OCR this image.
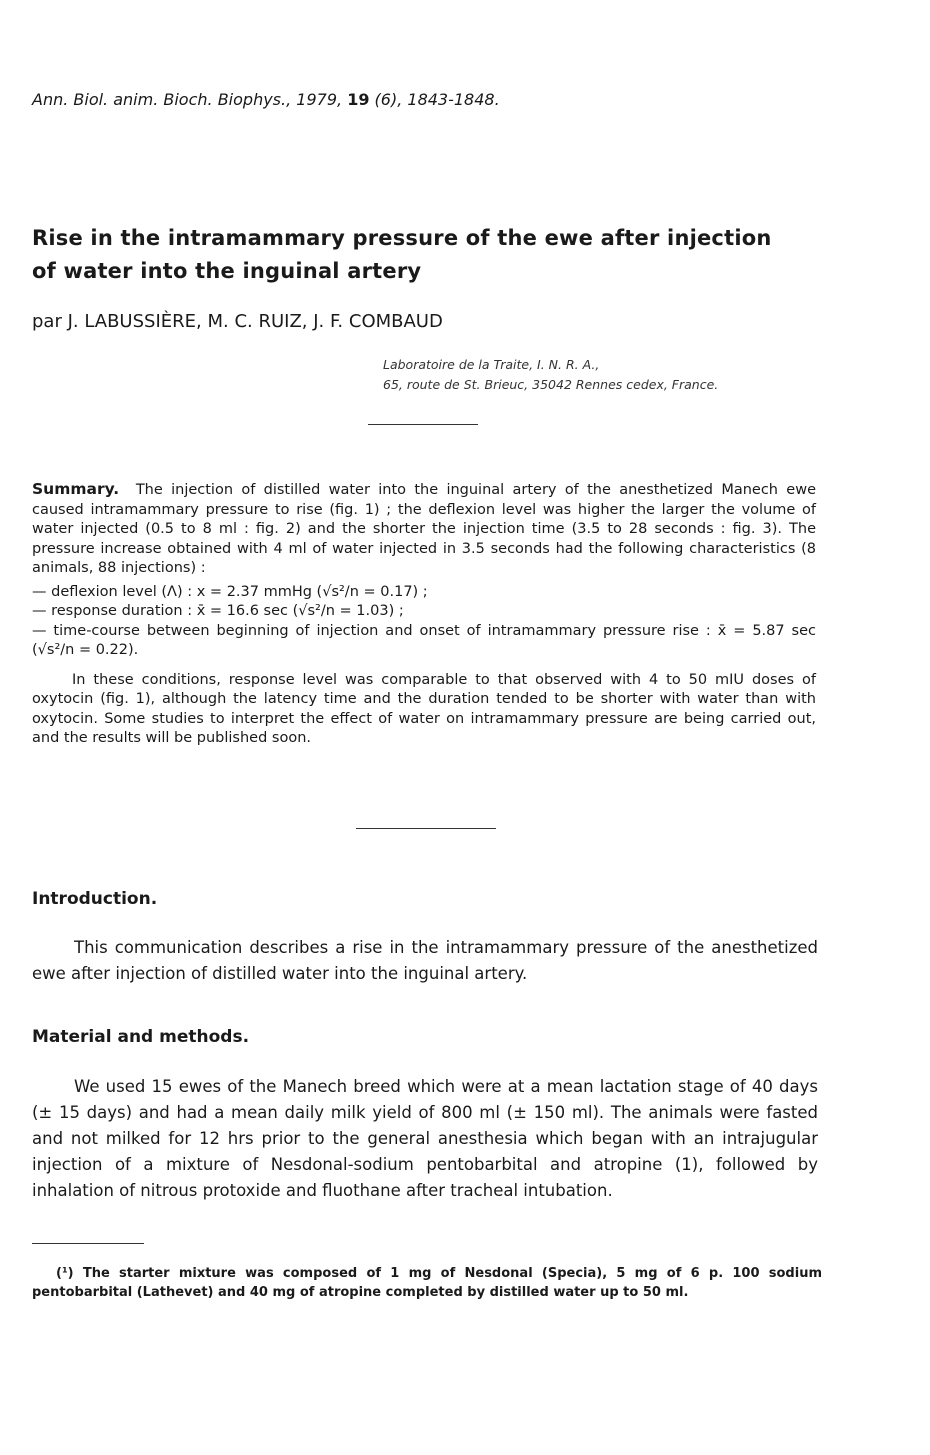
Ann. Biol. anim. Bioch. Biophys., 1979, 19 (6), 1843-1848.
Rise in the intramammary pressure of the ewe after injection
of water into the inguinal artery
par J. LABUSSIÈRE, M. C. RUIZ, J. F. COMBAUD
Laboratoire de la Traite, I. N. R. A.,
65, route de St. Brieuc, 35042 Rennes cedex, France.

Summary. The injection of distilled water into the inguinal artery of the anesthetized Manech ewe caused intramammary pressure to rise (fig. 1) ; the deflexion level was higher the larger the volume of water injected (0.5 to 8 ml : fig. 2) and the shorter the injection time (3.5 to 28 seconds : fig. 3). The pressure increase obtained with 4 ml of water injected in 3.5 seconds had the following characteristics (8 animals, 88 injections) :

— deflexion level (Λ) : x = 2.37 mmHg (√s²/n = 0.17) ;

— response duration : x̄ = 16.6 sec (√s²/n = 1.03) ;

— time-course between beginning of injection and onset of intramammary pressure rise : x̄ = 5.87 sec (√s²/n = 0.22).

In these conditions, response level was comparable to that observed with 4 to 50 mIU doses of oxytocin (fig. 1), although the latency time and the duration tended to be shorter with water than with oxytocin. Some studies to interpret the effect of water on intramammary pressure are being carried out, and the results will be published soon.

Introduction.

This communication describes a rise in the intramammary pressure of the anesthetized ewe after injection of distilled water into the inguinal artery.

Material and methods.

We used 15 ewes of the Manech breed which were at a mean lactation stage of 40 days (± 15 days) and had a mean daily milk yield of 800 ml (± 150 ml). The animals were fasted and not milked for 12 hrs prior to the general anesthesia which began with an intrajugular injection of a mixture of Nesdonal-sodium pentobarbital and atropine (1), followed by inhalation of nitrous protoxide and fluothane after tracheal intubation.

(¹) The starter mixture was composed of 1 mg of Nesdonal (Specia), 5 mg of 6 p. 100 sodium pentobarbital (Lathevet) and 40 mg of atropine completed by distilled water up to 50 ml.
